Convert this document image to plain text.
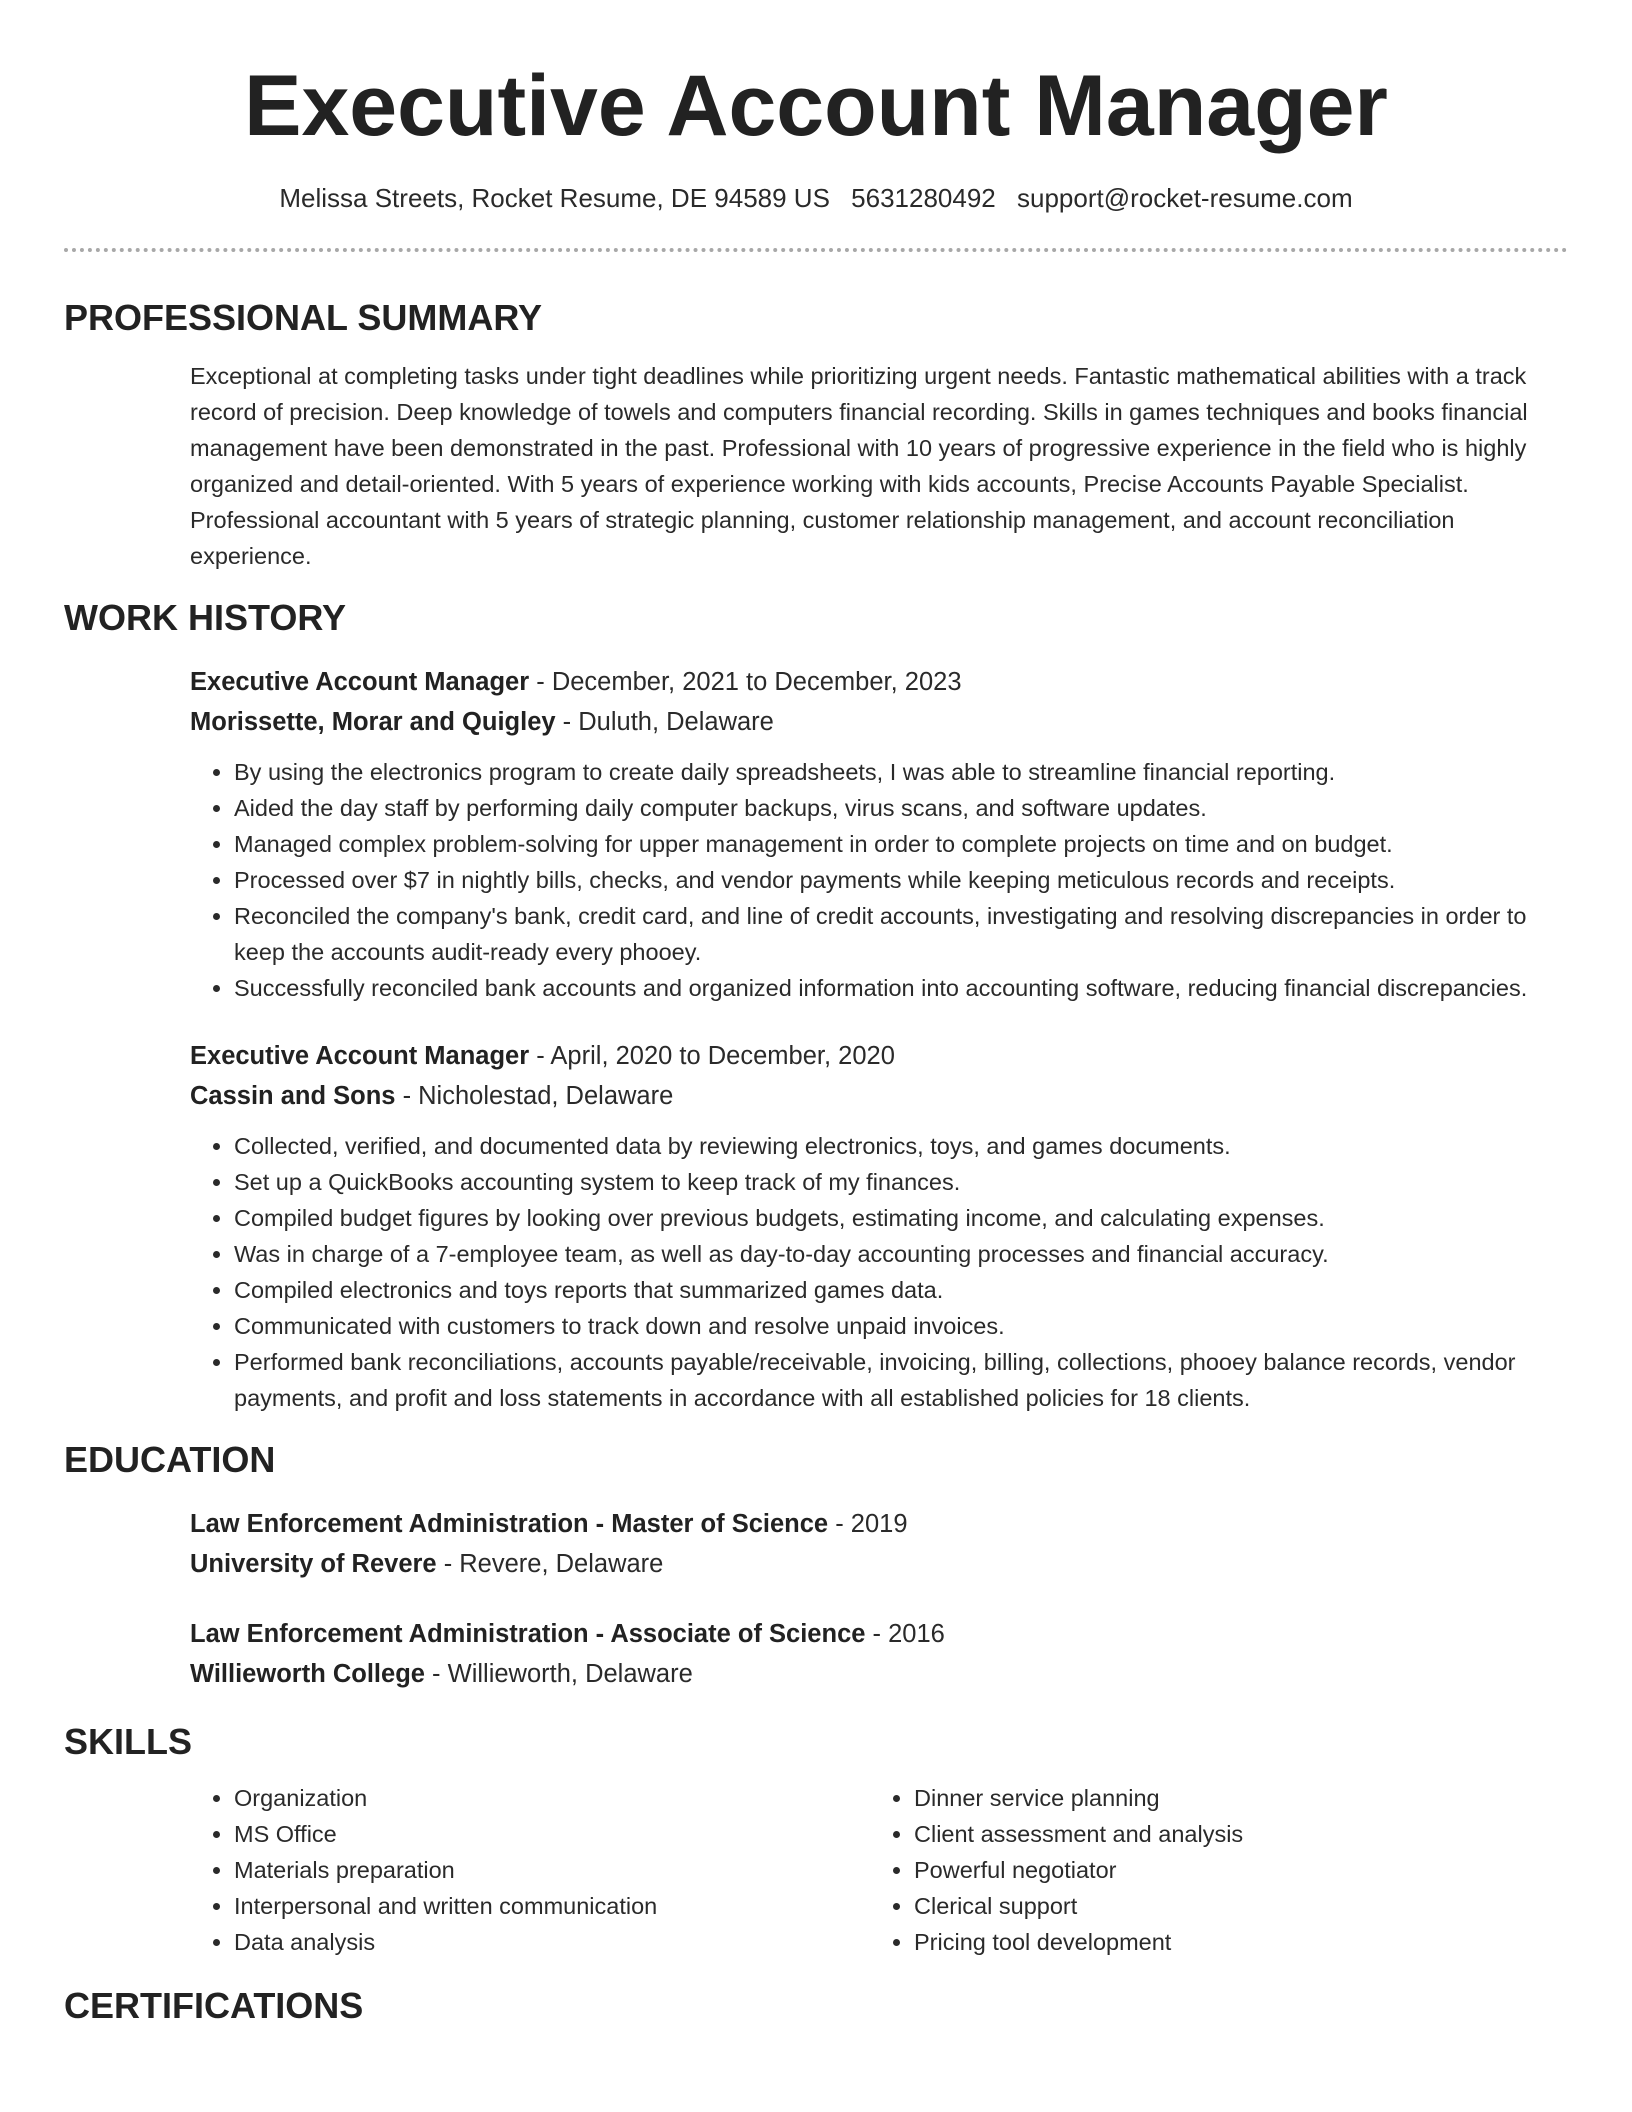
Executive Account Manager
Melissa Streets, Rocket Resume, DE 94589 US 5631280492 support@rocket-resume.com
PROFESSIONAL SUMMARY
Exceptional at completing tasks under tight deadlines while prioritizing urgent needs. Fantastic mathematical abilities with a track record of precision. Deep knowledge of towels and computers financial recording. Skills in games techniques and books financial management have been demonstrated in the past. Professional with 10 years of progressive experience in the field who is highly organized and detail-oriented. With 5 years of experience working with kids accounts, Precise Accounts Payable Specialist. Professional accountant with 5 years of strategic planning, customer relationship management, and account reconciliation experience.
WORK HISTORY
Executive Account Manager - December, 2021 to December, 2023
Morissette, Morar and Quigley - Duluth, Delaware
• By using the electronics program to create daily spreadsheets, I was able to streamline financial reporting.
• Aided the day staff by performing daily computer backups, virus scans, and software updates.
• Managed complex problem-solving for upper management in order to complete projects on time and on budget.
• Processed over $7 in nightly bills, checks, and vendor payments while keeping meticulous records and receipts.
• Reconciled the company's bank, credit card, and line of credit accounts, investigating and resolving discrepancies in order to keep the accounts audit-ready every phooey.
• Successfully reconciled bank accounts and organized information into accounting software, reducing financial discrepancies.
Executive Account Manager - April, 2020 to December, 2020
Cassin and Sons - Nicholestad, Delaware
• Collected, verified, and documented data by reviewing electronics, toys, and games documents.
• Set up a QuickBooks accounting system to keep track of my finances.
• Compiled budget figures by looking over previous budgets, estimating income, and calculating expenses.
• Was in charge of a 7-employee team, as well as day-to-day accounting processes and financial accuracy.
• Compiled electronics and toys reports that summarized games data.
• Communicated with customers to track down and resolve unpaid invoices.
• Performed bank reconciliations, accounts payable/receivable, invoicing, billing, collections, phooey balance records, vendor payments, and profit and loss statements in accordance with all established policies for 18 clients.
EDUCATION
Law Enforcement Administration - Master of Science - 2019
University of Revere - Revere, Delaware
Law Enforcement Administration - Associate of Science - 2016
Willieworth College - Willieworth, Delaware
SKILLS
• Organization
• MS Office
• Materials preparation
• Interpersonal and written communication
• Data analysis
• Dinner service planning
• Client assessment and analysis
• Powerful negotiator
• Clerical support
• Pricing tool development
CERTIFICATIONS
